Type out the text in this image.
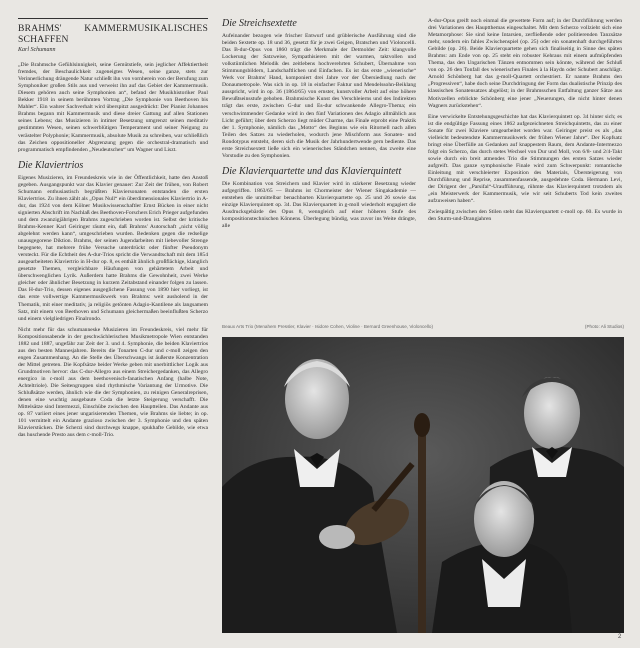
BRAHMS' KAMMERMUSIKALISCHES SCHAFFEN
Karl Schumann

„Die Brahmsche Gefühlsinnigkeit, seine Gemütstiefe, sein jeglicher Affektiertheit fremdes, der Beschaulichkeit zugeneigtes Wesen, seine ganze, stets zur Verinnerlichung drängende Natur schließt ihn von vornherein von der Berufung zum Symphoniker großen Stils aus und verweist ihn auf das Gebiet der Kammermusik. Diesem gehören auch seine Symphonien an“, befand der Musikhistoriker Paul Bekker 1918 in seinem berühmten Vortrag „Die Symphonie von Beethoven bis Mahler“. Ein wahrer Sachverhalt wird überspitzt ausgedrückt: Der Pianist Johannes Brahms begann mit Kammermusik und diese dreier Gattung auf allen Stationen seines Lebens; das Musizieren in intimer Besetzung umgrenzt seinen meditativ gestimmten Wesen, seinen schwerblütigen Temperament und seiner Neigung zu verästelter Polyphonie; Kammermusik, absolute Musik zu schreiben, war schließlich das Zeichen oppositioneller Abgrenzung gegen die orchestral-dramatisch und programmatisch empfindenden „Neudeutschen“ um Wagner und Liszt.

Die Klaviertrios

Eigenes Musizieren, im Freundeskreis wie in der Öffentlichkeit, hatte den Anstoß gegeben. Ausgangspunkt war das Klavier genauer: Zur Zeit der frühen, von Robert Schumann enthusiastisch begrüßten Klaviersonaten entstanden die ersten Klaviertrios. Zu ihnen zählt als „Opus Null“ ein überdimensionales Klaviertrio in A-dur, das 1924 von dem Kölner Musikwissenschaftler Ernst Bücken in einer nicht signierten Abschrift im Nachlaß des Beethoven-Forschers Erich Prieger aufgefunden und dem zwanzigjährigen Brahms zugeschrieben worden ist. Selbst der kritische Brahms-Kenner Karl Geiringer räumt ein, daß Brahms' Autorschaft „nicht völlig abgelehnt werden kann“, umgeschrieben wurden. Bedenken gegen die redselige unausgegorene Diktion. Brahms, der seinen Jugendarbeiten mit liebevoller Strenge begegnete, hat mehrere frühe Versuche unterdrückt oder fünfter Pseudonym versteckt. Für die Echtheit des A-dur-Trios spricht die Verwandtschaft mit dem 1854 ausgearbeiteten Klaviertrio in H-dur op. 8, es enthält ähnlich großflächige, klanglich gesetzte Themen, vergleichbare Häufungen von gehärtetem Arbeit und überschwenglichen Lyrik. Außerdem hatte Brahms die Gewohnheit, zwei Werke gleicher oder ähnlicher Besetzung in kurzem Zeitabstand einander folgen zu lassen. Das H-dur-Trio, dessen eigenes ausgeglichene Fassung von 1890 hier vorliegt, ist das erste vollwertige Kammermusikwerk von Brahms: weit ausholend in der Thematik, mit einer meditativ, ja religiös getönten Adagio-Kantilene als langsamem Satz, mit einem von Beethoven und Schumann gleichermaßen beeinflußten Scherzo und einem vielgliedrigen Finalrondo.

Nicht mehr für das schumanneske Musizieren im Freundeskreis, viel mehr für Kompositionsabende in der geschwächlerischen Musikmetropole Wien entstanden 1882 und 1887, ungefähr zur Zeit der 3. und 4. Symphonie, die beiden Klaviertrios aus den besten Mannesjahren. Bereits die Tonarten C-dur und c-moll zeigen den engen Zusammenhang. An die Stelle des Überschwangs ist äußerste Konzentration der Mittel getreten. Die Kopfsätze beider Werke geben mit unerbittlicher Logik aus Grundmotiven hervor: das C-dur-Allegro aus einem Streichergedanken, das Allegro energico in c-moll aus dem beethovenisch-fanatischen Anfang (halbe Note, Achteltriole). Die Seitengruppen sind rhythmische Variantung der Urmotive. Die Schlußsätze werden, ähnlich wie die der Symphonien, zu reinigen Generalreprisen, denen eine wuchtig ausgebaute Coda die letzte Steigerung verschafft. Die Mittelsätze sind Intermezzi, Einschübe zwischen den Hauptteilen. Das Andante aus op. 87 variiert eines jener ungarisierenden Themen, wie Brahms sie liebte; in op. 101 vermittelt ein Andante grazioso zwischen der 3. Symphonie und den späten Klavierstücken. Die Scherzi sind durchwegs knappe, spukhafte Gebilde, wie etwa das huschende Presto aus dem c-moll-Trio.

Die Streichsextette

Aufeinander bezogen wie frischer Entwurf und grüblerische Ausführung sind die beiden Sextette op. 18 und 36, gesetzt für je zwei Geigen, Bratschen und Violoncelli. Das B-dur-Opus von 1860 trägt die Merkmale der Detmolder Zeit: klangvolle Lockerung der Satzweise, Sympathisieren mit der warmen, taktvollen und volkstümlichen Melodik des zeitlebens hochverehrten Schubert, Übernahme von Stimmungsbildern, Landschaftlichen und Einfachen. Es ist das erste „wienerische“ Werk vor Brahms' Hand, komponiert drei Jahre vor der Übersiedlung nach der Donaumetropole. Was sich in op. 18 in einfacher Faktur und Mendelssohn-Beiklang ausspricht, wird in op. 36 (1864/65) von ernster, kunstvoller Arbeit auf eine höhere Bewußtseinsstufe gehoben. Brahmsische Kunst des Verschleierns und des Indirekten trägt das erste, zwischen G-dur und Es-dur schwankende Allegro-Thema; ein verschwimmender Gedanke wird in den fünf Variationen des Adagio allmählich aus Licht geführt; über dem Scherzo liegt müder Charme, das Finale erprobt eine Praktik der 1. Symphonie, nämlich das „Motto“ des Beginns wie ein Ritornell nach allen Teilen des Satzes zu wiederholen, wodurch jene Mischform aus Sonaten- und Rondotypus entsteht, deren sich die Musik der Jahrhundertwende gern bediente. Das erste Streichsextett ließe sich ein wienerisches Ständchen nennen, das zweite eine Vorstudie zu den Symphonien.

Die Klavierquartette und das Klavierquintett

Die Kombination von Streichern und Klavier wird in stärkerer Besetzung wieder aufgegriffen. 1863/65 — Brahms ist Chormeister der Wiener Singakademie — entstehen die unmittelbar benachbarten Klavierquartette op. 25 und 26 sowie das einzige Klavierquintett op. 34. Das Klavierquartett in g-moll wiederholt engagiert die Ausdrucksgebärde des Opus 8, wenngleich auf einer höheren Stufe des kompositionstechnischen Könnens. Überlegung bündig, was zuvor ins Weite drängte, alle

A-dur-Opus greift noch einmal die gewettete Form auf; in der Durchführung werden drei Variationen des Hauptthemas eingeschaltet. Mit dem Scherzo vollzieht sich eine Metamorphose: Sie sind keine Intarsien, zerfließende oder politierenden Tanzsätze mehr, sondern ein fahles Zwischenspiel (op. 25) oder ein sonatenhaft durchgeführtes Gebilde (op. 26). Beide Klavierquartette gehen sich finaliseitig in Sinne des späten Brahms: am Ende von op. 25 steht ein robuster Kehraus mit einem aufmüpfenden Thema, das den Ungarischen Tänzen entnommen sein könnte, während der Schluß von op. 26 den Tonfall des wienerischen Finales à la Haydn oder Schubert anschlägt. Arnold Schönberg hat das g-moll-Quartett orchestriert. Er nannte Brahms den „Progressiven“, habe doch seine Durchdringung der Form das dualistische Prinzip des klassischen Sonatensatzes abgelöst; in der Brahmsschen Entfaltung ganzer Sätze aus Motivzellen erblickte Schönberg eine jener „Neuerungen, die nicht hinter denen Wagners zurückstehen“.

Eine verwickelte Entstehungsgeschichte hat das Klavierquintett op. 34 hinter sich; es ist die endgültige Fassung eines 1862 aufgezeichneten Streichquintetts, das zu einer Sonate für zwei Klaviere umgearbeitet worden war. Geiringer preist es als „das vielleicht bedeutendste Kammermusikwerk der frühen Wiener Jahre“. Der Kopfsatz bringt eine Überfülle an Gedanken auf knappestem Raum, dem Andante-Intermezzo folgt ein Scherzo, das durch stetes Wechsel von Dur und Moll, von 6/8- und 2/4-Takt sowie durch ein breit atmendes Trio die Stimmungen des ersten Satzes wieder aufgreift. Das ganze symphonische Finale wird zum Schwerpunkt: romantische Einleitung mit verschleierter Exposition des Materials, Übersteigerung von Durchführung und Reprise, zusammenfassende, ausgedehnte Coda. Hermann Levi, der Dirigent der „Parsifal“-Uraufführung, rühmte das Klavierquintett trotzdem als „ein Meisterwerk der Kammermusik, wie wir seit Schuberts Tod kein zweites aufzuweisen haben“.

Zwiespältig zwischen den Stilen steht das Klavierquartett c-moll op. 60. Es wurde in den Sturm-und-Drangjahren

Beaux Arts Trio (Menahem Pressler, Klavier · Isidore Cohen, Violine · Bernard Greenhouse, Violoncello)	(Photo: Ali Studios)
2
